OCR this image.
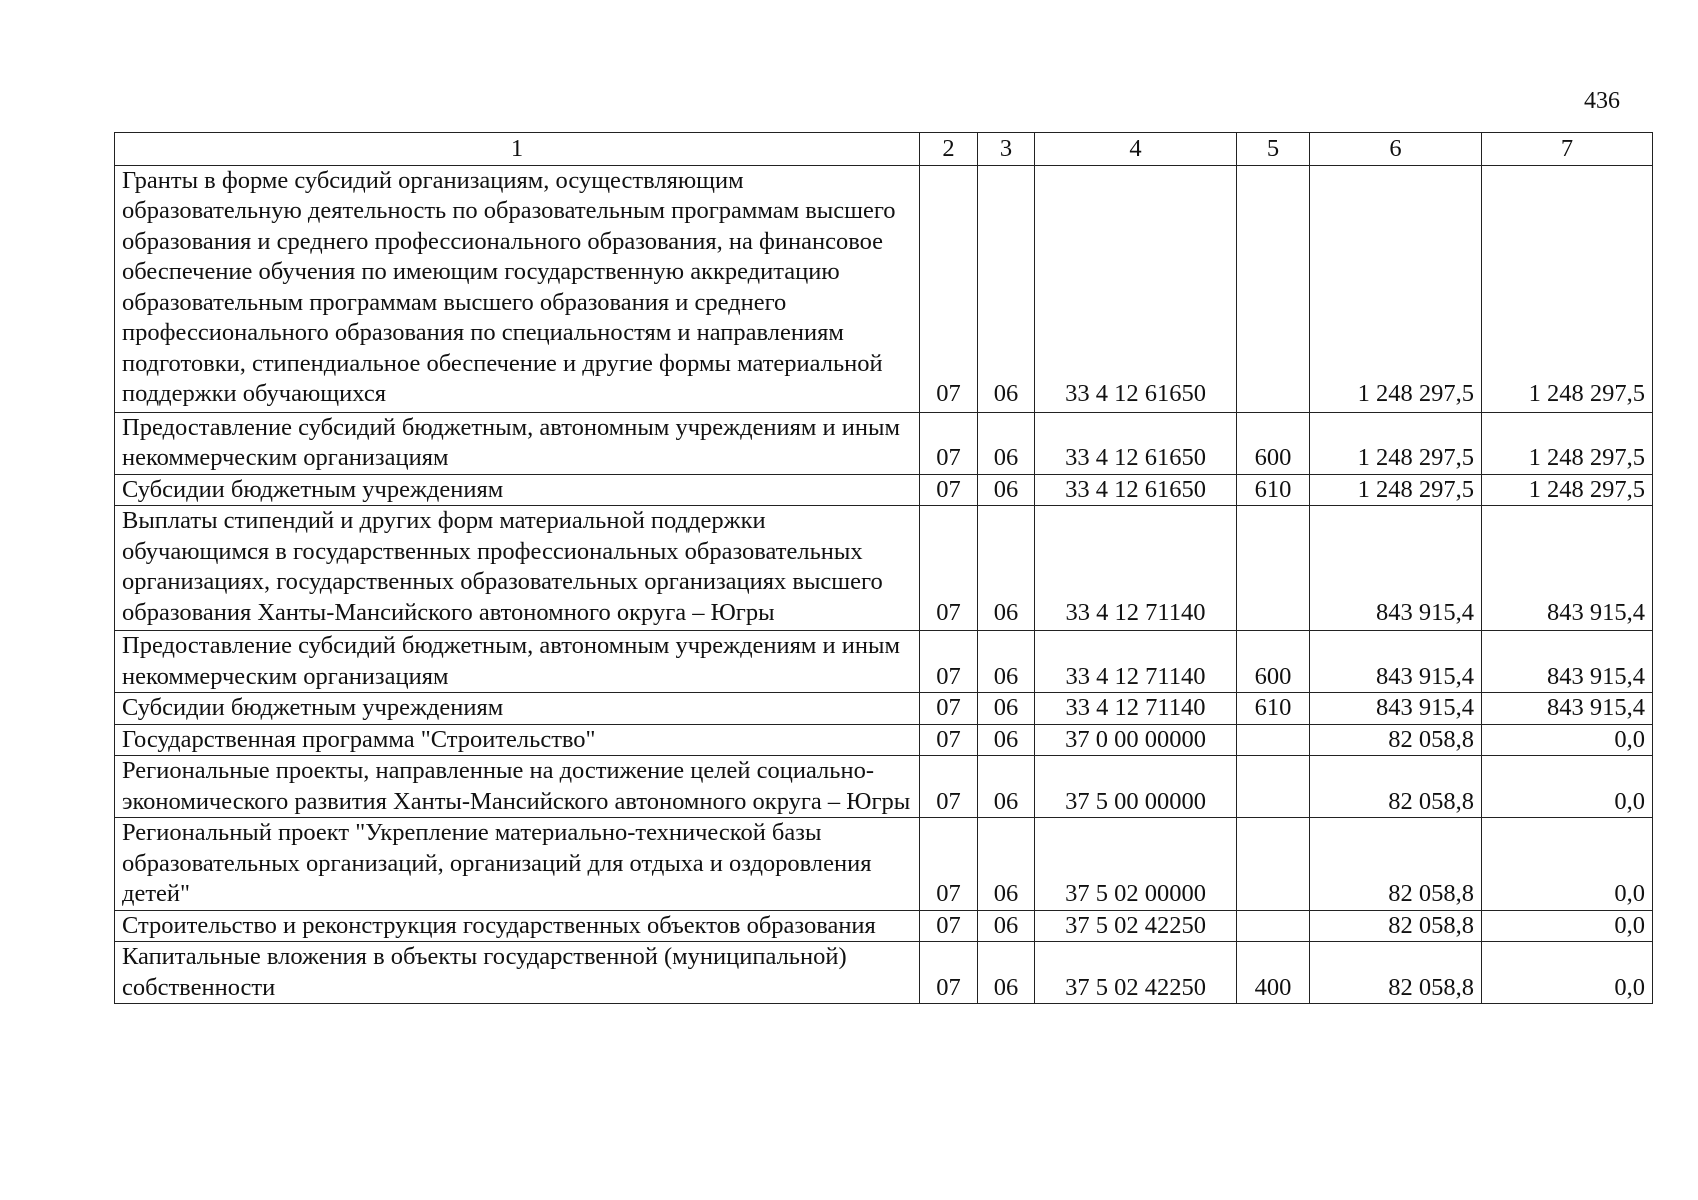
436
1	2	3	4	5	6	7
Гранты в форме субсидий организациям, осуществляющим образовательную деятельность по образовательным программам высшего образования и среднего профессионального образования, на финансовое обеспечение обучения по имеющим государственную аккредитацию образовательным программам высшего образования и среднего профессионального образования по специальностям и направлениям подготовки, стипендиальное обеспечение и другие формы материальной поддержки обучающихся	07	06	33 4 12 61650		1 248 297,5	1 248 297,5
Предоставление субсидий бюджетным, автономным учреждениям и иным некоммерческим организациям	07	06	33 4 12 61650	600	1 248 297,5	1 248 297,5
Субсидии бюджетным учреждениям	07	06	33 4 12 61650	610	1 248 297,5	1 248 297,5
Выплаты стипендий и других форм материальной поддержки обучающимся в государственных профессиональных образовательных организациях, государственных образовательных организациях высшего образования Ханты-Мансийского автономного округа – Югры	07	06	33 4 12 71140		843 915,4	843 915,4
Предоставление субсидий бюджетным, автономным учреждениям и иным некоммерческим организациям	07	06	33 4 12 71140	600	843 915,4	843 915,4
Субсидии бюджетным учреждениям	07	06	33 4 12 71140	610	843 915,4	843 915,4
Государственная программа "Строительство"	07	06	37 0 00 00000		82 058,8	0,0
Региональные проекты, направленные на достижение целей социально-экономического развития Ханты-Мансийского автономного округа – Югры	07	06	37 5 00 00000		82 058,8	0,0
Региональный проект "Укрепление материально-технической базы образовательных организаций, организаций для отдыха и оздоровления детей"	07	06	37 5 02 00000		82 058,8	0,0
Строительство и реконструкция государственных объектов образования	07	06	37 5 02 42250		82 058,8	0,0
Капитальные вложения в объекты государственной (муниципальной) собственности	07	06	37 5 02 42250	400	82 058,8	0,0
